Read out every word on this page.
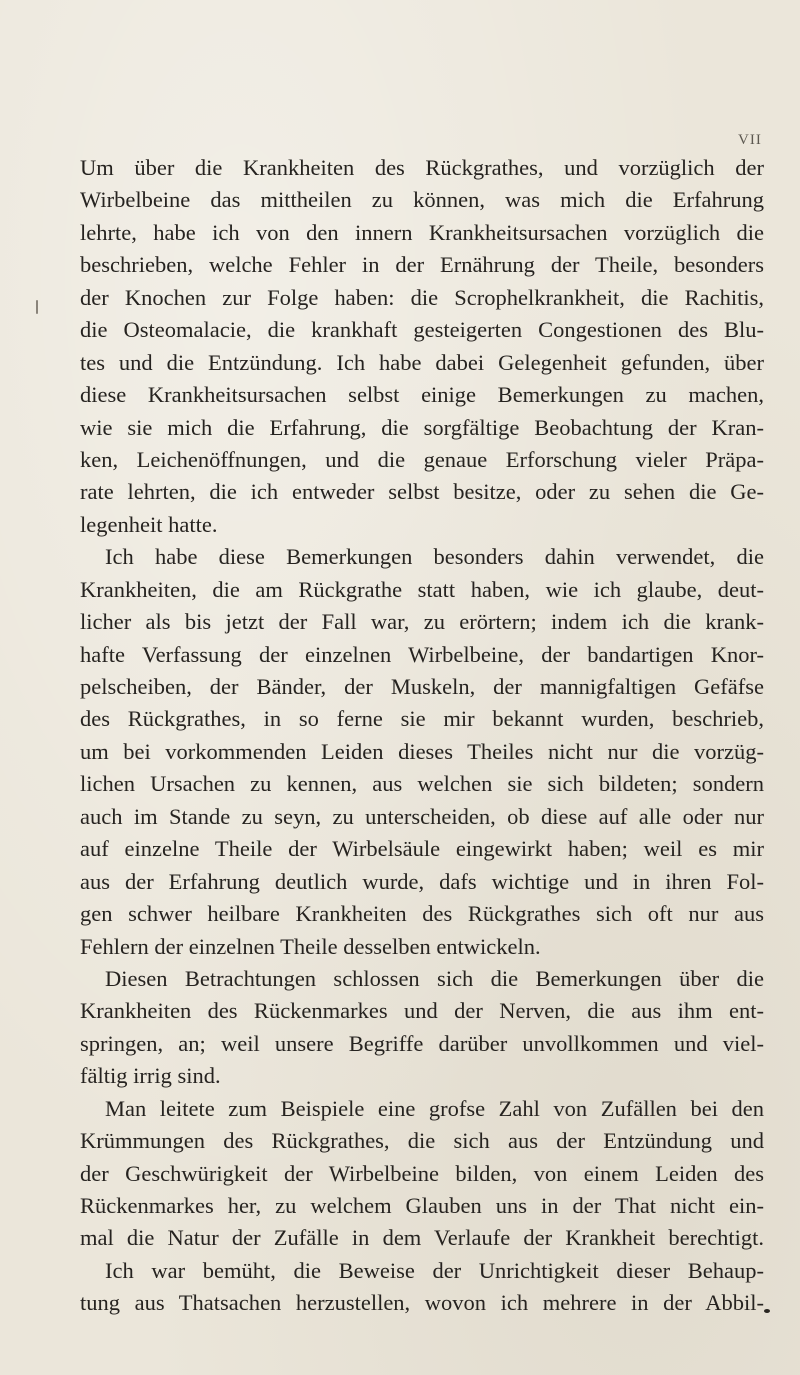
VII
Um über die Krankheiten des Rückgrathes, und vorzüglich der
Wirbelbeine das mittheilen zu können, was mich die Erfahrung
lehrte, habe ich von den innern Krankheitsursachen vorzüglich die
beschrieben, welche Fehler in der Ernährung der Theile, besonders
der Knochen zur Folge haben: die Scrophelkrankheit, die Rachitis,
die Osteomalacie, die krankhaft gesteigerten Congestionen des Blu-
tes und die Entzündung. Ich habe dabei Gelegenheit gefunden, über
diese Krankheitsursachen selbst einige Bemerkungen zu machen,
wie sie mich die Erfahrung, die sorgfältige Beobachtung der Kran-
ken, Leichenöffnungen, und die genaue Erforschung vieler Präpa-
rate lehrten, die ich entweder selbst besitze, oder zu sehen die Ge-
legenheit hatte.
Ich habe diese Bemerkungen besonders dahin verwendet, die
Krankheiten, die am Rückgrathe statt haben, wie ich glaube, deut-
licher als bis jetzt der Fall war, zu erörtern; indem ich die krank-
hafte Verfassung der einzelnen Wirbelbeine, der bandartigen Knor-
pelscheiben, der Bänder, der Muskeln, der mannigfaltigen Gefäfse
des Rückgrathes, in so ferne sie mir bekannt wurden, beschrieb,
um bei vorkommenden Leiden dieses Theiles nicht nur die vorzüg-
lichen Ursachen zu kennen, aus welchen sie sich bildeten; sondern
auch im Stande zu seyn, zu unterscheiden, ob diese auf alle oder nur
auf einzelne Theile der Wirbelsäule eingewirkt haben; weil es mir
aus der Erfahrung deutlich wurde, dafs wichtige und in ihren Fol-
gen schwer heilbare Krankheiten des Rückgrathes sich oft nur aus
Fehlern der einzelnen Theile desselben entwickeln.
Diesen Betrachtungen schlossen sich die Bemerkungen über die
Krankheiten des Rückenmarkes und der Nerven, die aus ihm ent-
springen, an; weil unsere Begriffe darüber unvollkommen und viel-
fältig irrig sind.
Man leitete zum Beispiele eine grofse Zahl von Zufällen bei den
Krümmungen des Rückgrathes, die sich aus der Entzündung und
der Geschwürigkeit der Wirbelbeine bilden, von einem Leiden des
Rückenmarkes her, zu welchem Glauben uns in der That nicht ein-
mal die Natur der Zufälle in dem Verlaufe der Krankheit berechtigt.
Ich war bemüht, die Beweise der Unrichtigkeit dieser Behaup-
tung aus Thatsachen herzustellen, wovon ich mehrere in der Abbil-
